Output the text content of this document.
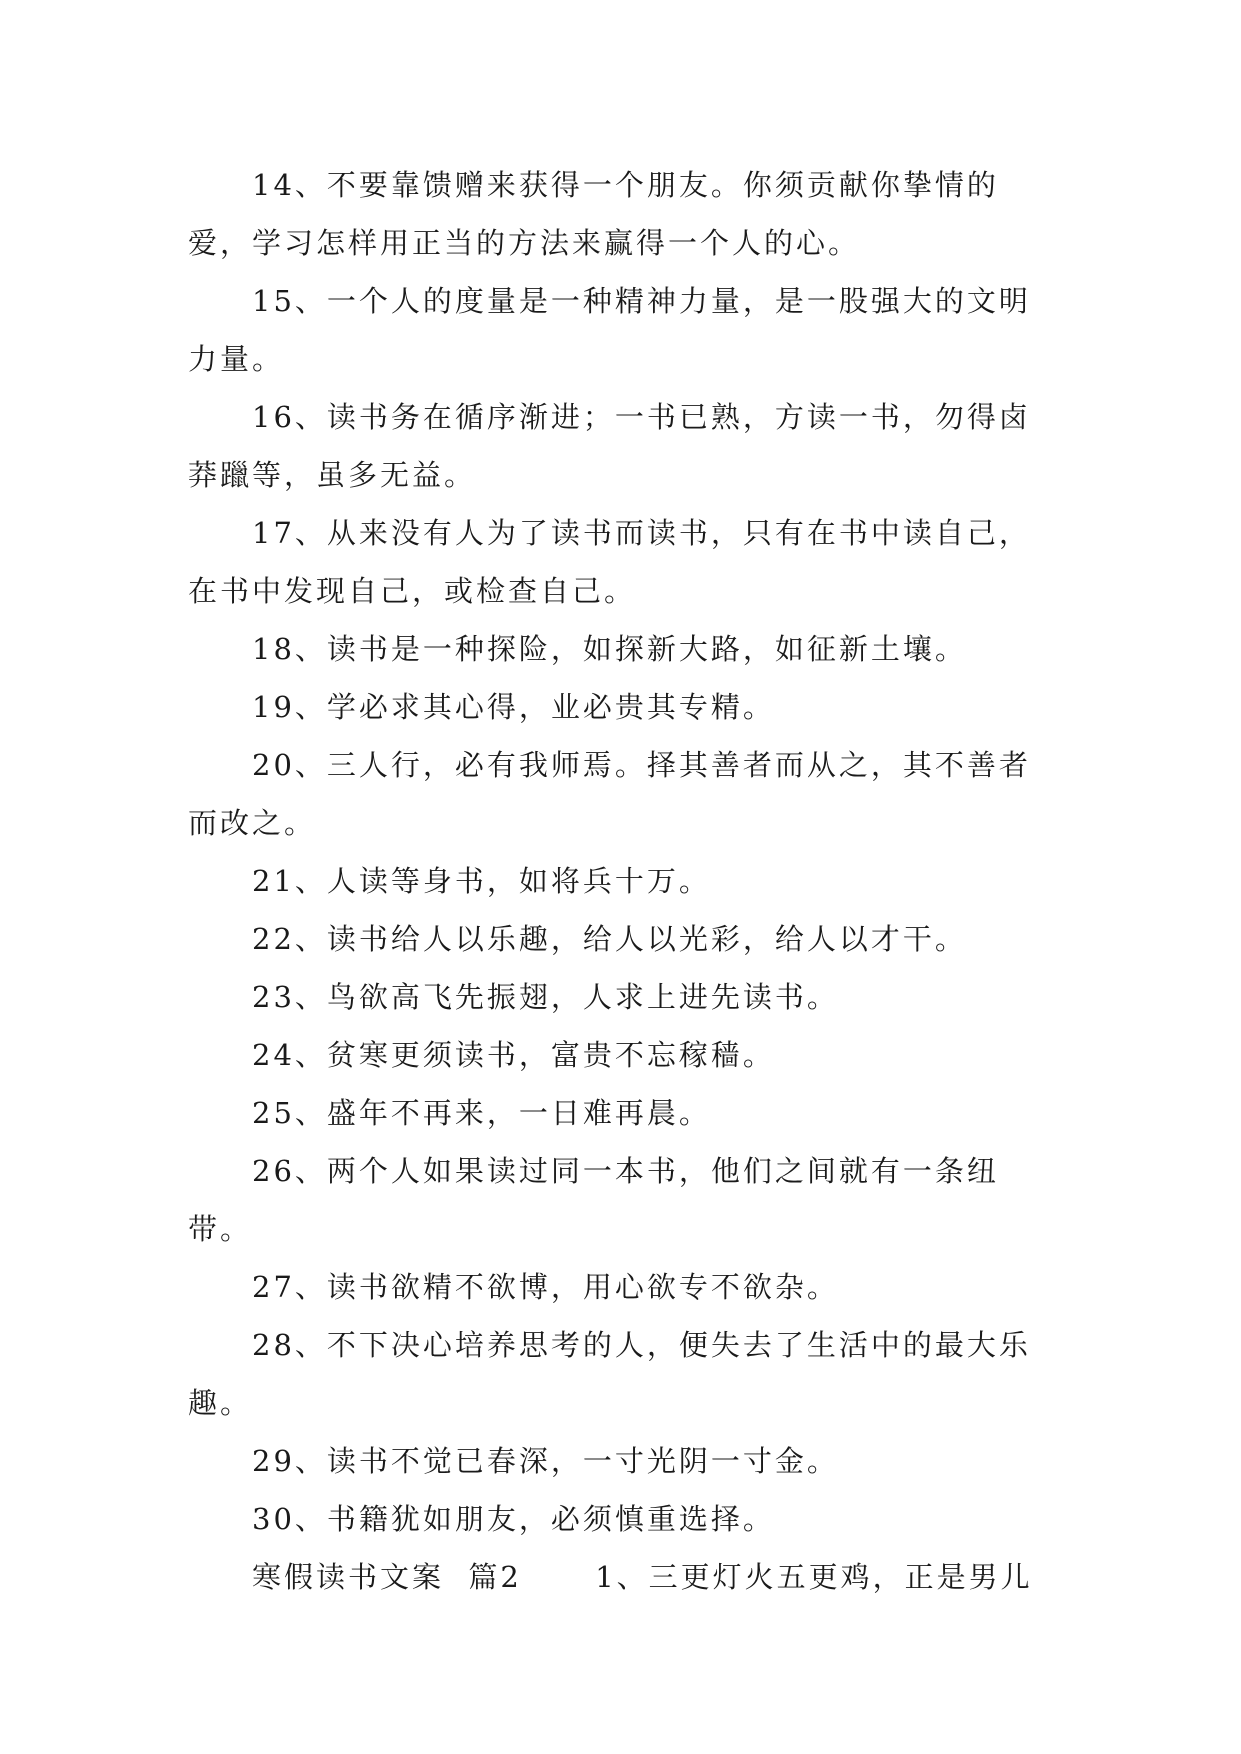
14、不要靠馈赠来获得一个朋友。你须贡献你挚情的爱，学习怎样用正当的方法来赢得一个人的心。

15、一个人的度量是一种精神力量，是一股强大的文明力量。

16、读书务在循序渐进；一书已熟，方读一书，勿得卤莽躐等，虽多无益。

17、从来没有人为了读书而读书，只有在书中读自己，在书中发现自己，或检查自己。

18、读书是一种探险，如探新大路，如征新土壤。

19、学必求其心得，业必贵其专精。

20、三人行，必有我师焉。择其善者而从之，其不善者而改之。

21、人读等身书，如将兵十万。

22、读书给人以乐趣，给人以光彩，给人以才干。

23、鸟欲高飞先振翅，人求上进先读书。

24、贫寒更须读书，富贵不忘稼穑。

25、盛年不再来，一日难再晨。

26、两个人如果读过同一本书，他们之间就有一条纽带。

27、读书欲精不欲博，用心欲专不欲杂。

28、不下决心培养思考的人，便失去了生活中的最大乐趣。

29、读书不觉已春深，一寸光阴一寸金。

30、书籍犹如朋友，必须慎重选择。

寒假读书文案  篇2      1、三更灯火五更鸡，正是男儿
